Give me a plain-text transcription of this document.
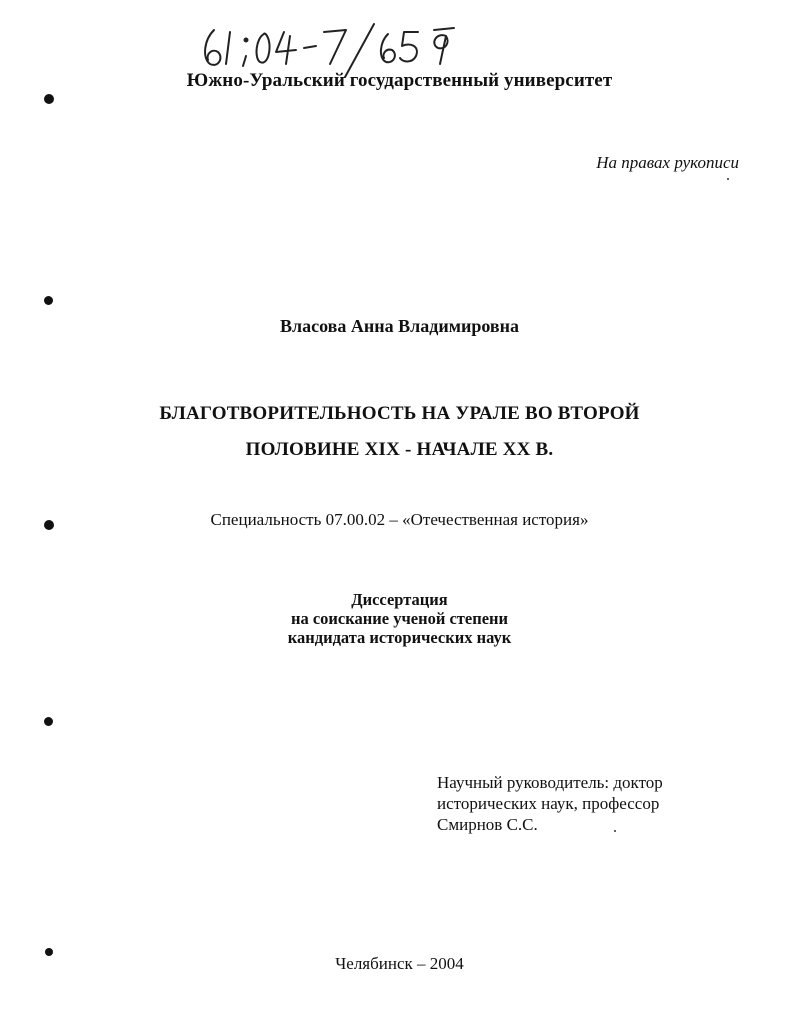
Южно-Уральский государственный университет
На правах рукописи
Власова Анна Владимировна
БЛАГОТВОРИТЕЛЬНОСТЬ НА УРАЛЕ ВО ВТОРОЙ
ПОЛОВИНЕ XIX - НАЧАЛЕ XX В.
Специальность 07.00.02 – «Отечественная история»
Диссертация
на соискание ученой степени
кандидата исторических наук
Научный руководитель: доктор
исторических наук, профессор
Смирнов С.С.
Челябинск – 2004
